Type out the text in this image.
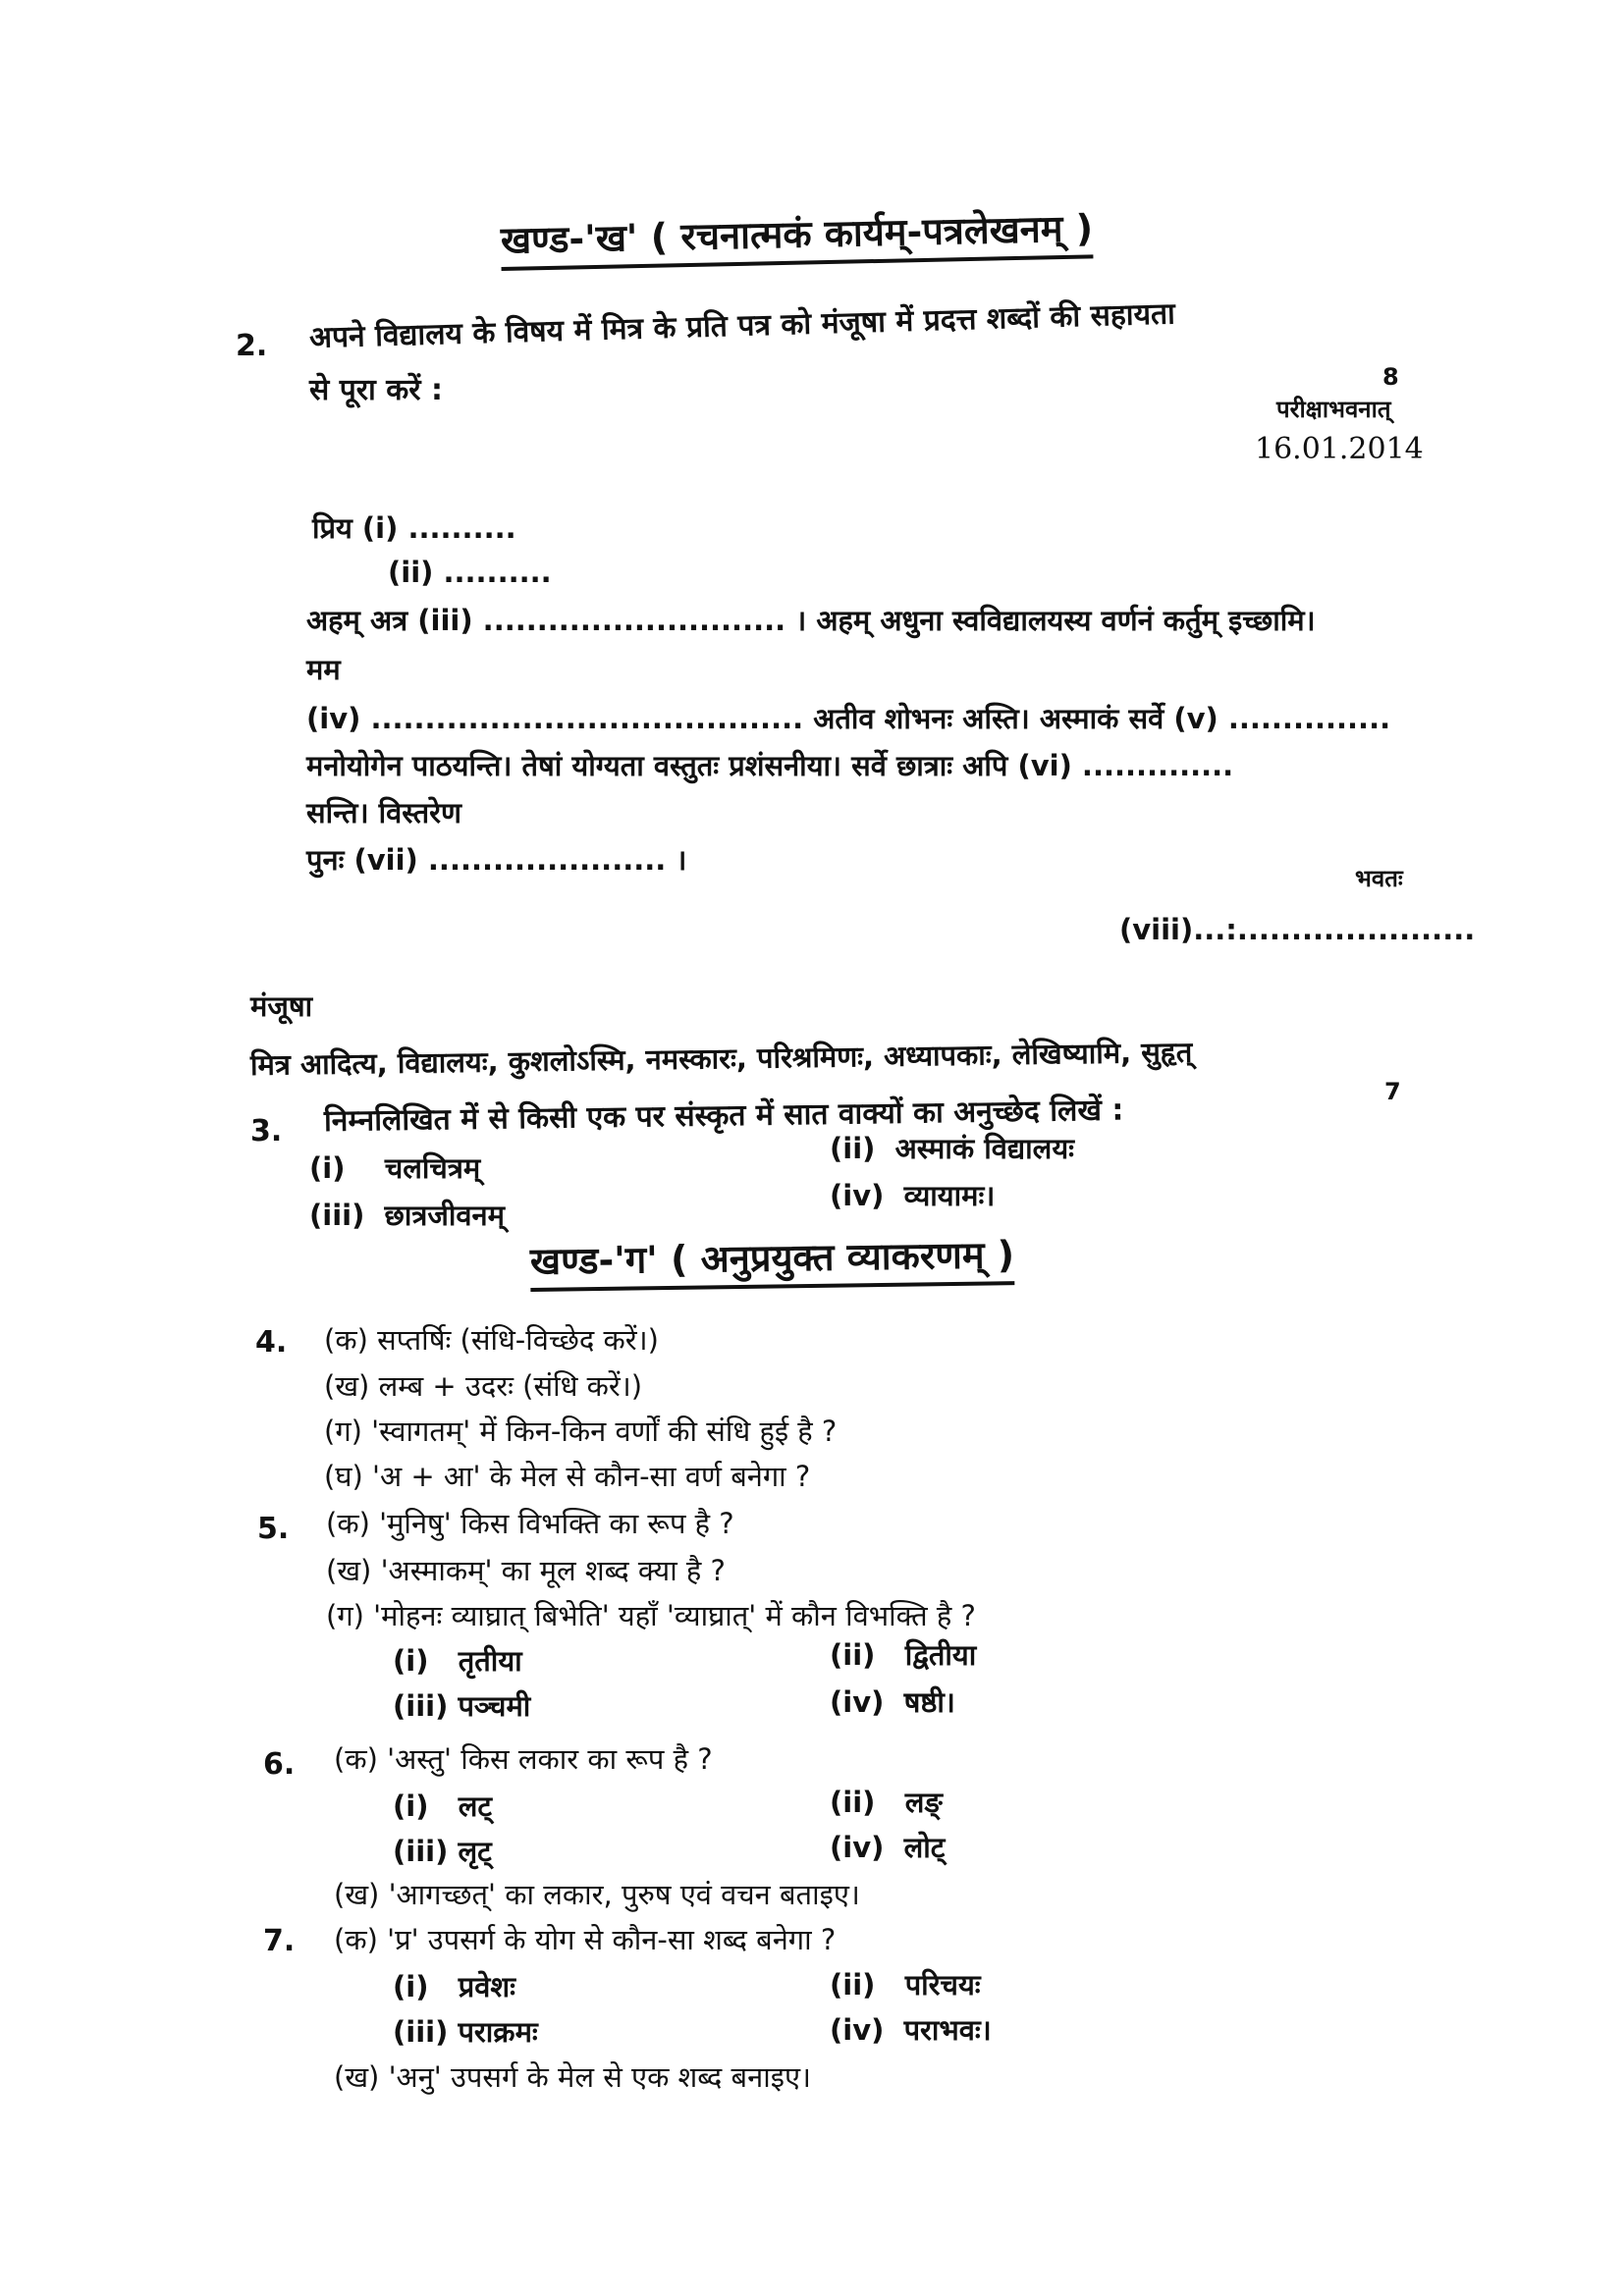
खण्ड-'ख' ( रचनात्मकं कार्यम्-पत्रलेखनम् )
2. अपने विद्यालय के विषय में मित्र के प्रति पत्र को मंजूषा में प्रदत्त शब्दों की सहायता
से पूरा करें :	8
परीक्षाभवनात्
16.01.2014
प्रिय (i) ..........
(ii) ..........
अहम् अत्र (iii) ............................ । अहम् अधुना स्वविद्यालयस्य वर्णनं कर्तुम् इच्छामि।
मम
(iv) ........................................ अतीव शोभनः अस्ति। अस्माकं सर्वे (v) ...............
मनोयोगेन पाठयन्ति। तेषां योग्यता वस्तुतः प्रशंसनीया। सर्वे छात्राः अपि (vi) ..............
सन्ति। विस्तरेण
पुनः (vii) ...................... ।
भवतः
(viii)...:......................
मंजूषा
मित्र आदित्य, विद्यालयः, कुशलोऽस्मि, नमस्कारः, परिश्रमिणः, अध्यापकाः, लेखिष्यामि, सुहृत्
3. निम्नलिखित में से किसी एक पर संस्कृत में सात वाक्यों का अनुच्छेद लिखें :
7
(i) चलचित्रम्
(ii) अस्माकं विद्यालयः
(iii) छात्रजीवनम्
(iv) व्यायामः।
खण्ड-'ग' ( अनुप्रयुक्त व्याकरणम् )
4. (क) सप्तर्षिः (संधि-विच्छेद करें।)
(ख) लम्ब + उदरः (संधि करें।)
(ग) 'स्वागतम्' में किन-किन वर्णों की संधि हुई है ?
(घ) 'अ + आ' के मेल से कौन-सा वर्ण बनेगा ?
5. (क) 'मुनिषु' किस विभक्ति का रूप है ?
(ख) 'अस्माकम्' का मूल शब्द क्या है ?
(ग) 'मोहनः व्याघ्रात् बिभेति' यहाँ 'व्याघ्रात्' में कौन विभक्ति है ?
(i) तृतीया	(ii) द्वितीया
(iii) पञ्चमी	(iv) षष्ठी।
6. (क) 'अस्तु' किस लकार का रूप है ?
(i) लट्	(ii) लङ्
(iii) लृट्	(iv) लोट्
(ख) 'आगच्छत्' का लकार, पुरुष एवं वचन बताइए।
7. (क) 'प्र' उपसर्ग के योग से कौन-सा शब्द बनेगा ?
(i) प्रवेशः	(ii) परिचयः
(iii) पराक्रमः	(iv) पराभवः।
(ख) 'अनु' उपसर्ग के मेल से एक शब्द बनाइए।
